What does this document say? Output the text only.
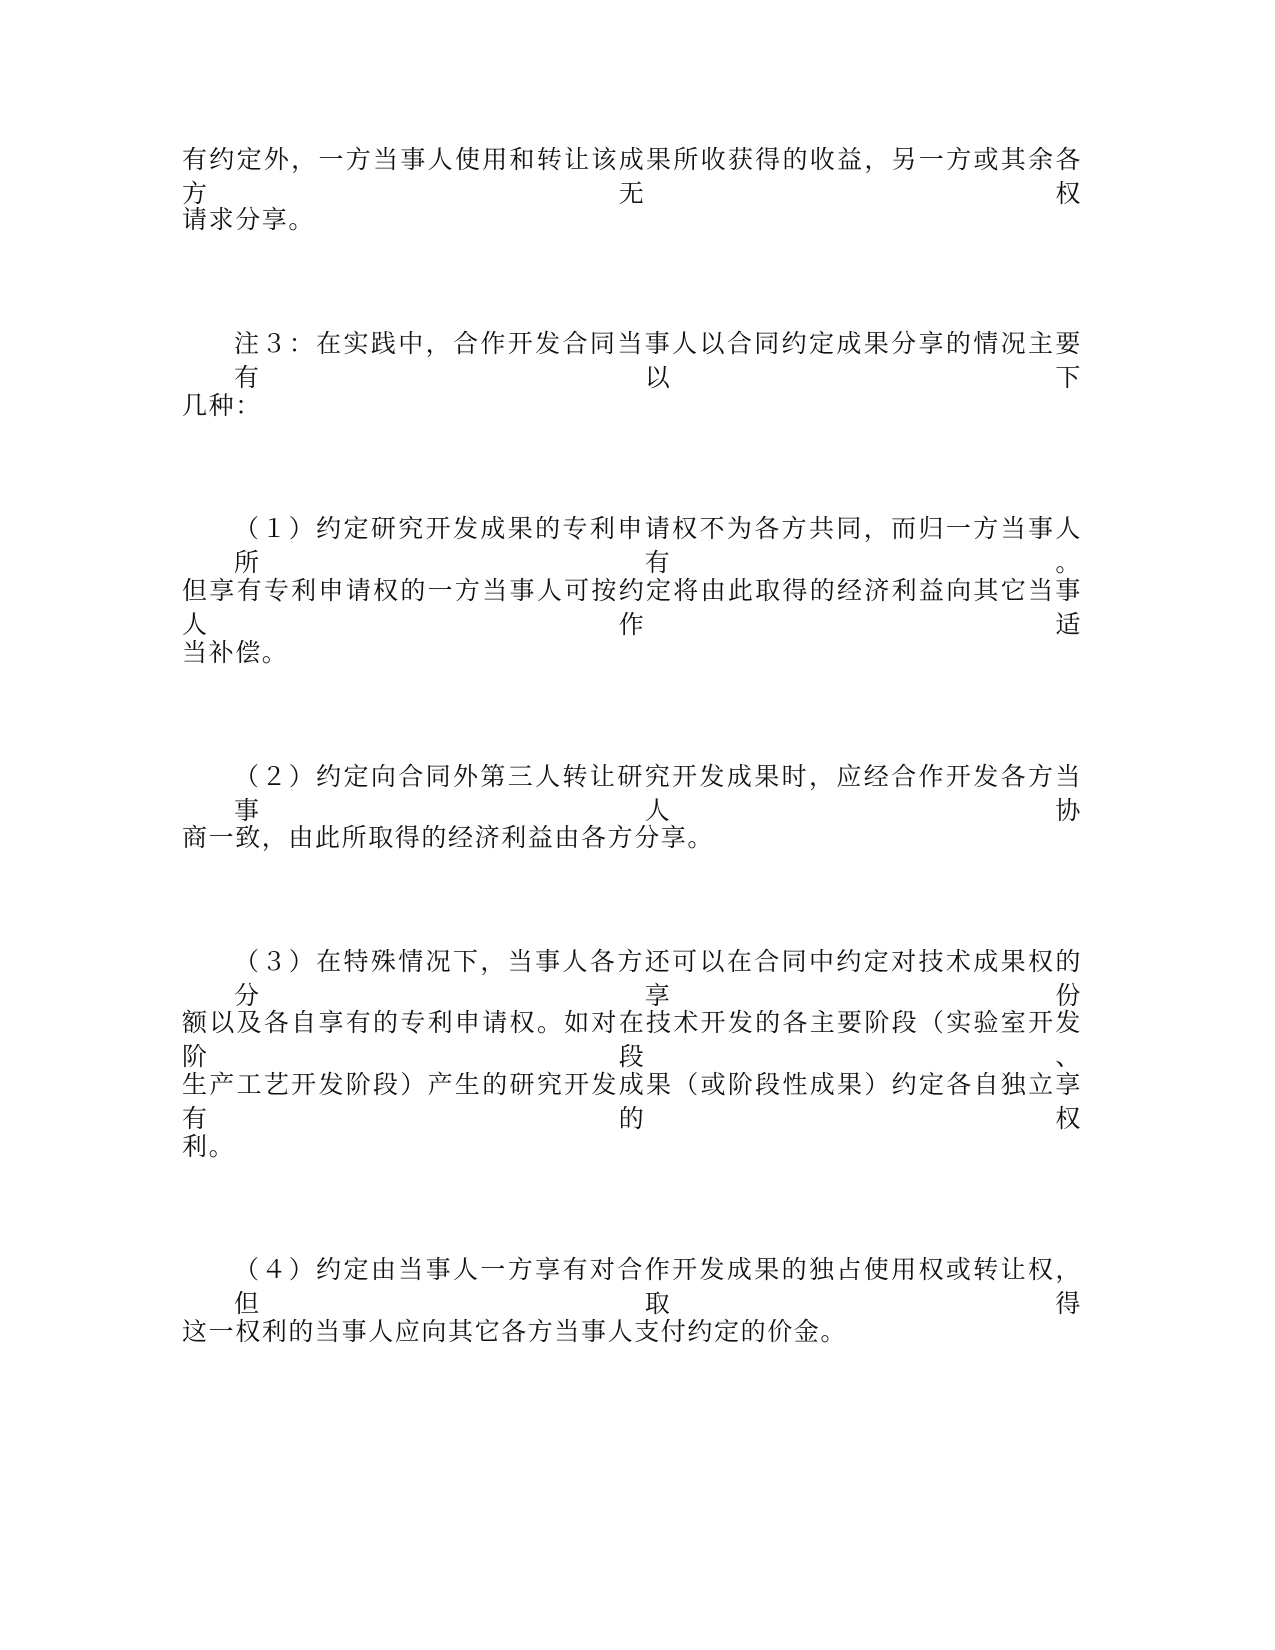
有约定外，一方当事人使用和转让该成果所收获得的收益，另一方或其余各方无权
请求分享。
注３：在实践中，合作开发合同当事人以合同约定成果分享的情况主要有以下
几种：
（１）约定研究开发成果的专利申请权不为各方共同，而归一方当事人所有。
但享有专利申请权的一方当事人可按约定将由此取得的经济利益向其它当事人作适
当补偿。
（２）约定向合同外第三人转让研究开发成果时，应经合作开发各方当事人协
商一致，由此所取得的经济利益由各方分享。
（３）在特殊情况下，当事人各方还可以在合同中约定对技术成果权的分享份
额以及各自享有的专利申请权。如对在技术开发的各主要阶段（实验室开发阶段、
生产工艺开发阶段）产生的研究开发成果（或阶段性成果）约定各自独立享有的权
利。
（４）约定由当事人一方享有对合作开发成果的独占使用权或转让权，但取得
这一权利的当事人应向其它各方当事人支付约定的价金。
